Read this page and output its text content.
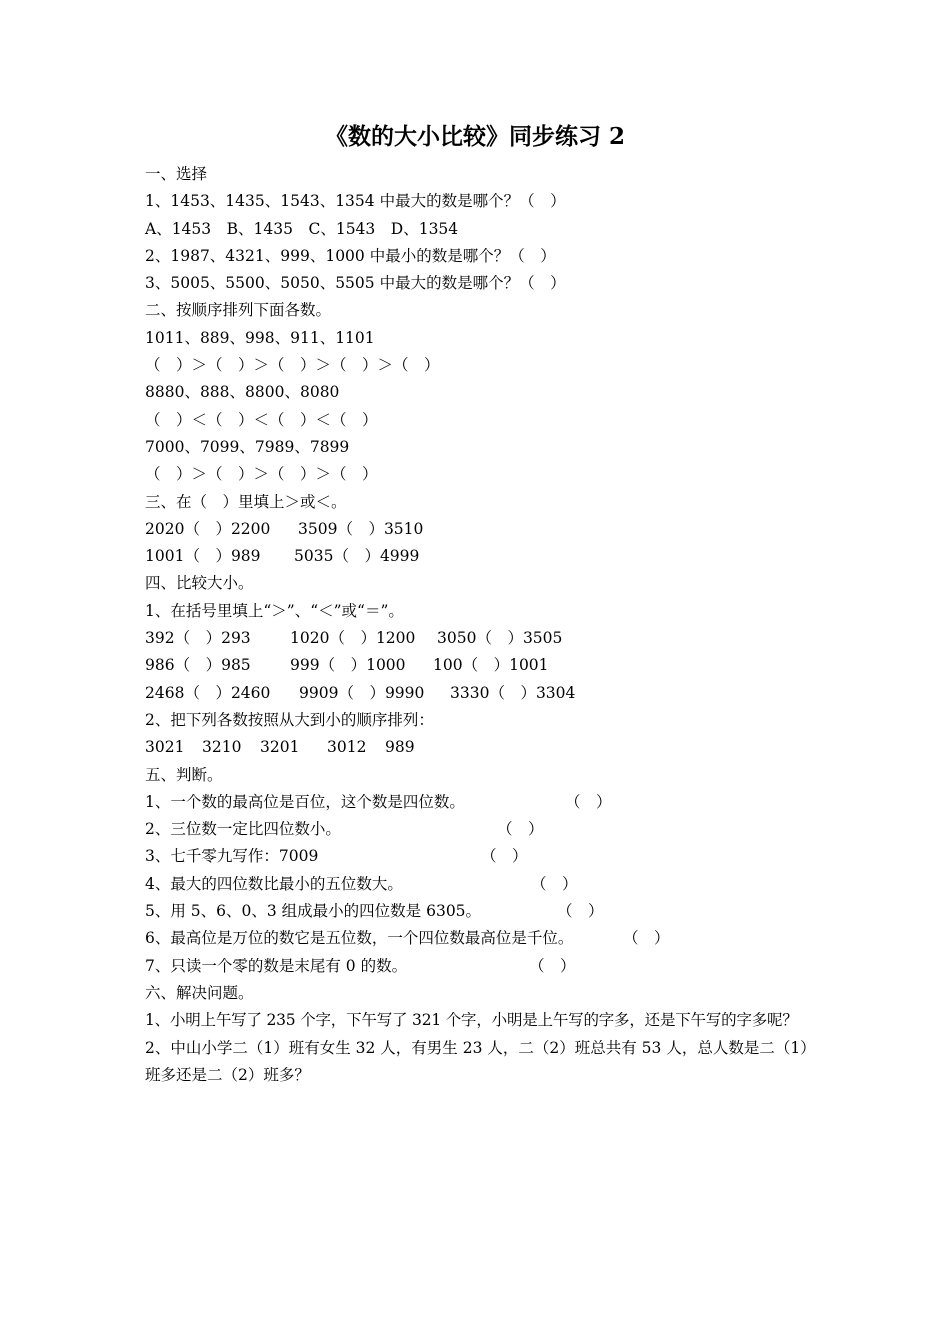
《数的大小比较》同步练习 2
一、选择
1、1453、1435、1543、1354 中最大的数是哪个？（　）
A、1453　B、1435　C、1543　D、1354
2、1987、4321、999、1000 中最小的数是哪个？（　）
3、5005、5500、5050、5505 中最大的数是哪个？（　）
二、按顺序排列下面各数。
1011、889、998、911、1101
（　）＞（　）＞（　）＞（　）＞（　）
8880、888、8800、8080
（　）＜（　）＜（　）＜（　）
7000、7099、7989、7899
（　）＞（　）＞（　）＞（　）
三、在（　）里填上＞或＜。
2020（　）2200 3509（　）3510
1001（　）989 5035（　）4999
四、比较大小。
1、在括号里填上“＞”、“＜”或“＝”。
392（　）293	1020（　）1200 3050（　）3505
986（　）985	999（　）1000 100（　）1001
2468（　）2460 9909（　）9990 3330（　）3304
2、把下列各数按照从大到小的顺序排列：
3021 3210 3201 3012 989
五、判断。
1、一个数的最高位是百位，这个数是四位数。	（　）
2、三位数一定比四位数小。	（　）
3、七千零九写作：7009	（　）
4、最大的四位数比最小的五位数大。	（　）
5、用 5、6、0、3 组成最小的四位数是 6305。	（　）
6、最高位是万位的数它是五位数，一个四位数最高位是千位。	（　）
7、只读一个零的数是末尾有 0 的数。	（　）
六、解决问题。
1、小明上午写了 235 个字，下午写了 321 个字，小明是上午写的字多，还是下午写的字多呢？
2、中山小学二（1）班有女生 32 人，有男生 23 人，二（2）班总共有 53 人，总人数是二（1）班多还是二（2）班多？
